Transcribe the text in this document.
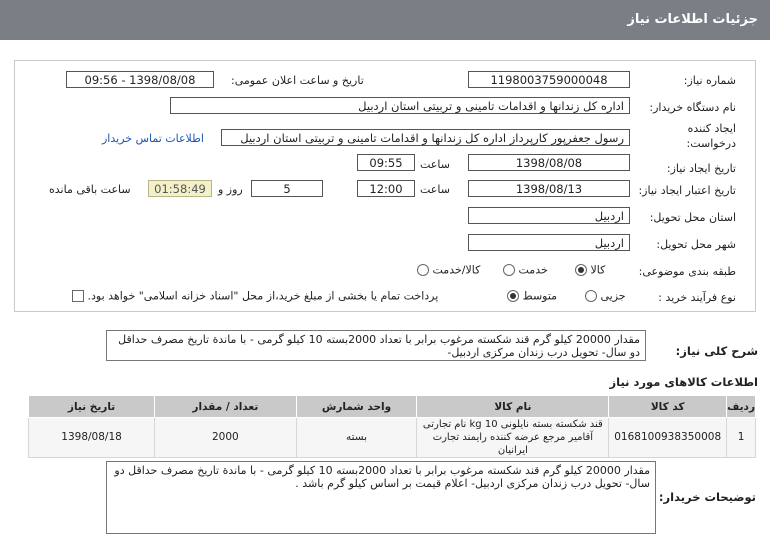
جزئیات اطلاعات نیاز
شماره نیاز:
1198003759000048
تاریخ و ساعت اعلان عمومی:
1398/08/08 - 09:56
نام دستگاه خریدار:
اداره کل زندانها و اقدامات تامینی و تربیتی استان اردبیل
ایجاد کننده
درخواست:
رسول جعفرپور کارپرداز اداره کل زندانها و اقدامات تامینی و تربیتی استان اردبیل
اطلاعات تماس خریدار
تاریخ ایجاد نیاز:
1398/08/08
ساعت
09:55
تاریخ اعتبار ایجاد نیاز:
1398/08/13
ساعت
12:00
5
روز و
01:58:49
ساعت باقی مانده
استان محل تحویل:
اردبیل
شهر محل تحویل:
اردبیل
طبقه بندی موضوعی:
کالا
خدمت
کالا/خدمت
نوع فرآیند خرید :
جزیی
متوسط
پرداخت تمام یا بخشی از مبلغ خرید،از محل "اسناد خزانه اسلامی" خواهد بود.
شرح کلی نیاز:
مقدار 20000 کیلو گرم قند شکسته مرغوب برابر با تعداد 2000بسته 10 کیلو گرمی - با ماندة تاریخ مصرف حداقل دو سال- تحویل درب زندان مرکزی اردبیل-
اطلاعات کالاهای مورد نیاز
ردیف	کد کالا	نام کالا	واحد شمارش	تعداد / مقدار	تاریخ نیاز
1	0168100938350008	قند شکسته بسته نایلونی 10 kg نام تجارتی آقامیر مرجع عرضه کننده رایمند تجارت ایرانیان	بسته	2000	1398/08/18
توضیحات خریدار:
مقدار 20000 کیلو گرم قند شکسته مرغوب برابر با تعداد 2000بسته 10 کیلو گرمی - با ماندة تاریخ مصرف حداقل دو سال- تحویل درب زندان مرکزی اردبیل- اعلام قیمت بر اساس کیلو گرم باشد .
